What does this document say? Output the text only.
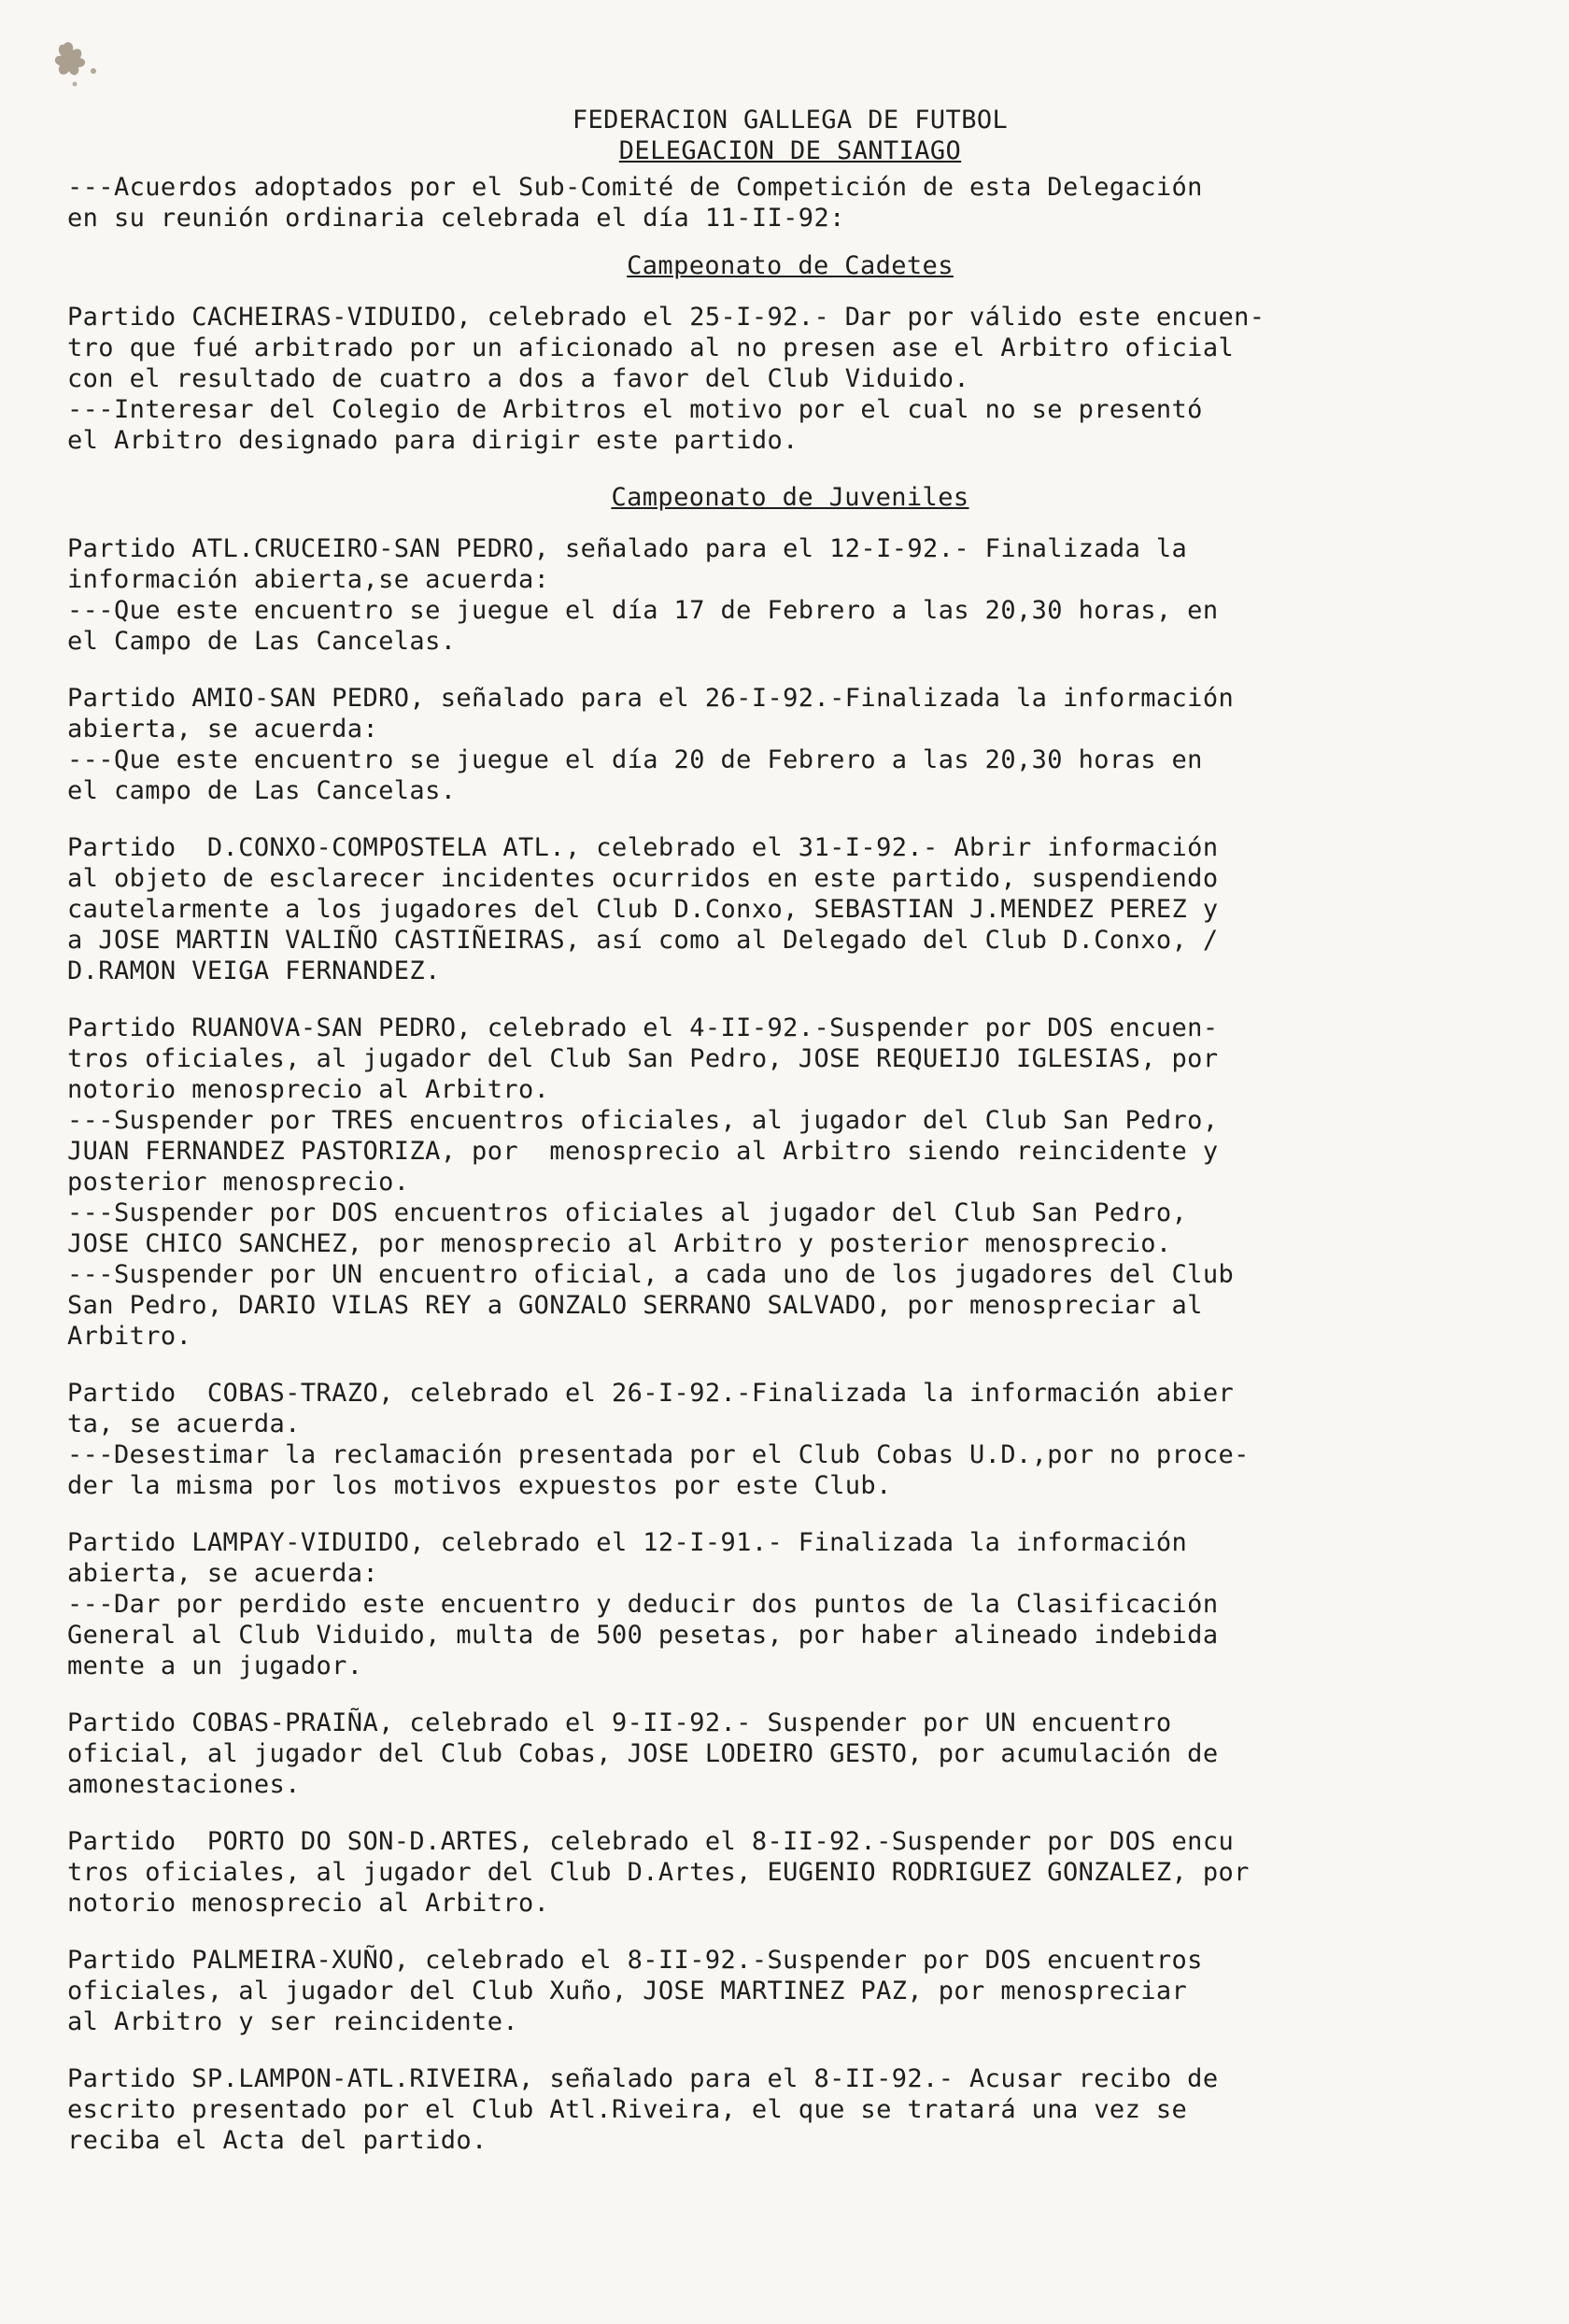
FEDERACION GALLEGA DE FUTBOL
DELEGACION DE SANTIAGO
---Acuerdos adoptados por el Sub-Comité de Competición de esta Delegación
en su reunión ordinaria celebrada el día 11-II-92:
Campeonato de Cadetes
Partido CACHEIRAS-VIDUIDO, celebrado el 25-I-92.- Dar por válido este encuen-
tro que fué arbitrado por un aficionado al no presen ase el Arbitro oficial
con el resultado de cuatro a dos a favor del Club Viduido.
---Interesar del Colegio de Arbitros el motivo por el cual no se presentó
el Arbitro designado para dirigir este partido.
Campeonato de Juveniles
Partido ATL.CRUCEIRO-SAN PEDRO, señalado para el 12-I-92.- Finalizada la
información abierta,se acuerda:
---Que este encuentro se juegue el día 17 de Febrero a las 20,30 horas, en
el Campo de Las Cancelas.
Partido AMIO-SAN PEDRO, señalado para el 26-I-92.-Finalizada la información
abierta, se acuerda:
---Que este encuentro se juegue el día 20 de Febrero a las 20,30 horas en
el campo de Las Cancelas.
Partido  D.CONXO-COMPOSTELA ATL., celebrado el 31-I-92.- Abrir información
al objeto de esclarecer incidentes ocurridos en este partido, suspendiendo
cautelarmente a los jugadores del Club D.Conxo, SEBASTIAN J.MENDEZ PEREZ y
a JOSE MARTIN VALIÑO CASTIÑEIRAS, así como al Delegado del Club D.Conxo, /
D.RAMON VEIGA FERNANDEZ.
Partido RUANOVA-SAN PEDRO, celebrado el 4-II-92.-Suspender por DOS encuen-
tros oficiales, al jugador del Club San Pedro, JOSE REQUEIJO IGLESIAS, por
notorio menosprecio al Arbitro.
---Suspender por TRES encuentros oficiales, al jugador del Club San Pedro,
JUAN FERNANDEZ PASTORIZA, por  menosprecio al Arbitro siendo reincidente y
posterior menosprecio.
---Suspender por DOS encuentros oficiales al jugador del Club San Pedro,
JOSE CHICO SANCHEZ, por menosprecio al Arbitro y posterior menosprecio.
---Suspender por UN encuentro oficial, a cada uno de los jugadores del Club
San Pedro, DARIO VILAS REY a GONZALO SERRANO SALVADO, por menospreciar al
Arbitro.
Partido  COBAS-TRAZO, celebrado el 26-I-92.-Finalizada la información abier
ta, se acuerda.
---Desestimar la reclamación presentada por el Club Cobas U.D.,por no proce-
der la misma por los motivos expuestos por este Club.
Partido LAMPAY-VIDUIDO, celebrado el 12-I-91.- Finalizada la información
abierta, se acuerda:
---Dar por perdido este encuentro y deducir dos puntos de la Clasificación
General al Club Viduido, multa de 500 pesetas, por haber alineado indebida
mente a un jugador.
Partido COBAS-PRAIÑA, celebrado el 9-II-92.- Suspender por UN encuentro
oficial, al jugador del Club Cobas, JOSE LODEIRO GESTO, por acumulación de
amonestaciones.
Partido  PORTO DO SON-D.ARTES, celebrado el 8-II-92.-Suspender por DOS encu
tros oficiales, al jugador del Club D.Artes, EUGENIO RODRIGUEZ GONZALEZ, por
notorio menosprecio al Arbitro.
Partido PALMEIRA-XUÑO, celebrado el 8-II-92.-Suspender por DOS encuentros
oficiales, al jugador del Club Xuño, JOSE MARTINEZ PAZ, por menospreciar
al Arbitro y ser reincidente.
Partido SP.LAMPON-ATL.RIVEIRA, señalado para el 8-II-92.- Acusar recibo de
escrito presentado por el Club Atl.Riveira, el que se tratará una vez se
reciba el Acta del partido.
